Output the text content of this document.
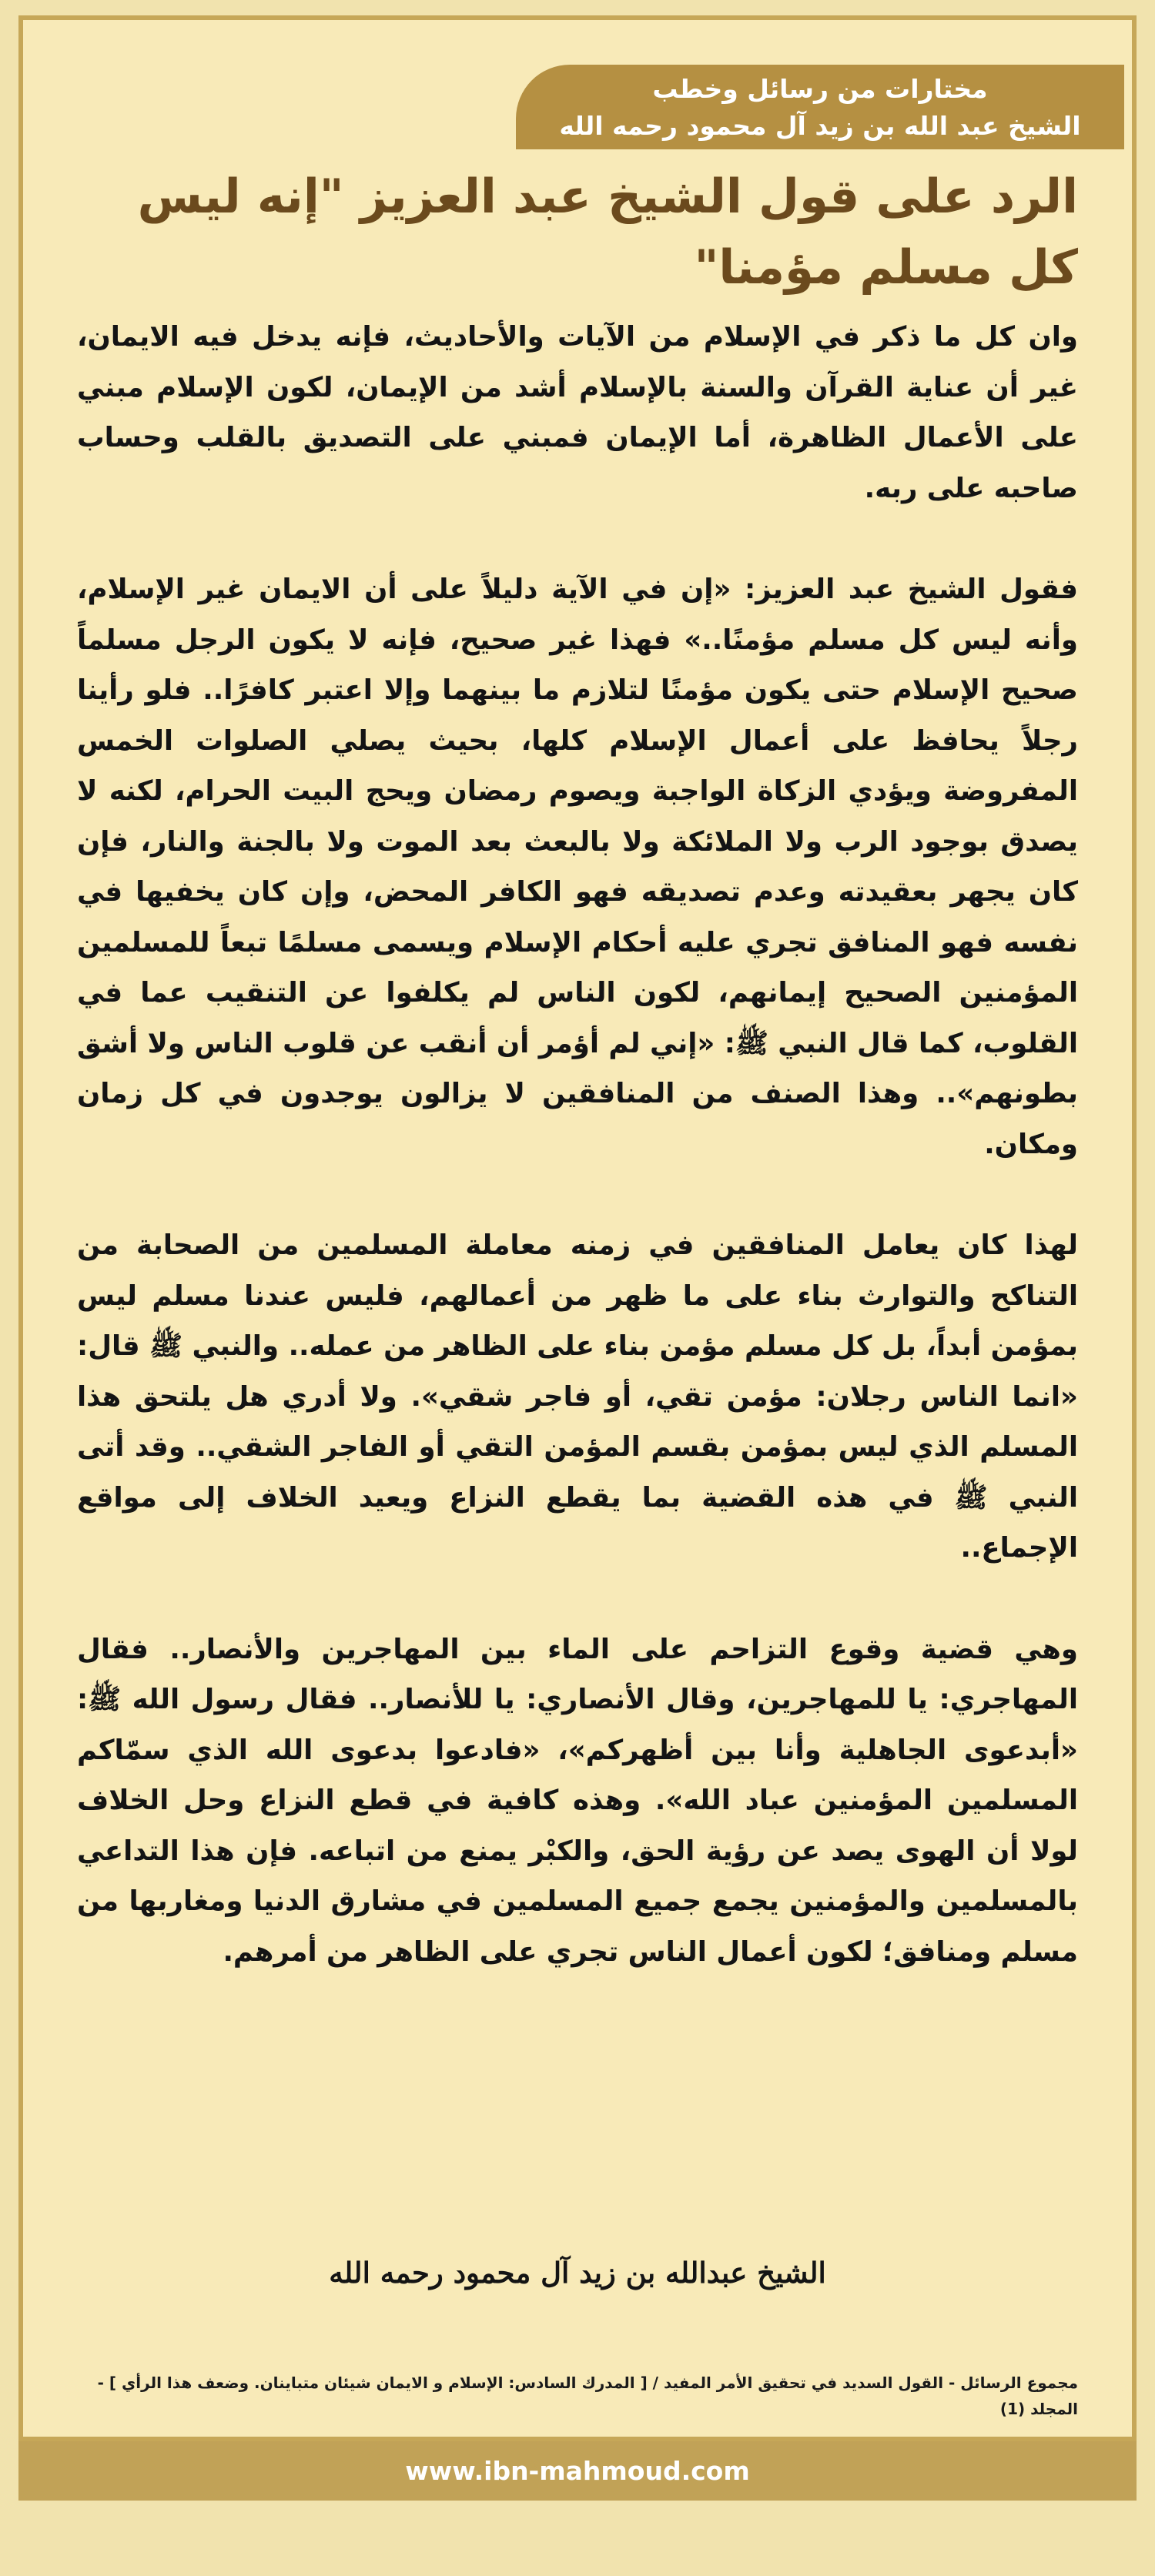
مختارات من رسائل وخطب
الشيخ عبد الله بن زيد آل محمود رحمه الله
الرد على قول الشيخ عبد العزيز "إنه ليس كل مسلم مؤمنا"

وان كل ما ذكر في الإسلام من الآيات والأحاديث، فإنه يدخل فيه الايمان، غير أن عناية القرآن والسنة بالإسلام أشد من الإيمان، لكون الإسلام مبني على الأعمال الظاهرة، أما الإيمان فمبني على التصديق بالقلب وحساب صاحبه على ربه.

فقول الشيخ عبد العزيز: «إن في الآية دليلاً على أن الايمان غير الإسلام، وأنه ليس كل مسلم مؤمنًا..» فهذا غير صحيح، فإنه لا يكون الرجل مسلماً صحيح الإسلام حتى يكون مؤمنًا لتلازم ما بينهما وإلا اعتبر كافرًا.. فلو رأينا رجلاً يحافظ على أعمال الإسلام كلها، بحيث يصلي الصلوات الخمس المفروضة ويؤدي الزكاة الواجبة ويصوم رمضان ويحج البيت الحرام، لكنه لا يصدق بوجود الرب ولا الملائكة ولا بالبعث بعد الموت ولا بالجنة والنار، فإن كان يجهر بعقيدته وعدم تصديقه فهو الكافر المحض، وإن كان يخفيها في نفسه فهو المنافق تجري عليه أحكام الإسلام ويسمى مسلمًا تبعاً للمسلمين المؤمنين الصحيح إيمانهم، لكون الناس لم يكلفوا عن التنقيب عما في القلوب، كما قال النبي ﷺ: «إني لم أؤمر أن أنقب عن قلوب الناس ولا أشق بطونهم».. وهذا الصنف من المنافقين لا يزالون يوجدون في كل زمان ومكان.

لهذا كان يعامل المنافقين في زمنه معاملة المسلمين من الصحابة من التناكح والتوارث بناء على ما ظهر من أعمالهم، فليس عندنا مسلم ليس بمؤمن أبداً، بل كل مسلم مؤمن بناء على الظاهر من عمله.. والنبي ﷺ قال: «انما الناس رجلان: مؤمن تقي، أو فاجر شقي». ولا أدري هل يلتحق هذا المسلم الذي ليس بمؤمن بقسم المؤمن التقي أو الفاجر الشقي.. وقد أتى النبي ﷺ في هذه القضية بما يقطع النزاع ويعيد الخلاف إلى مواقع الإجماع..

وهي قضية وقوع التزاحم على الماء بين المهاجرين والأنصار.. فقال المهاجري: يا للمهاجرين، وقال الأنصاري: يا للأنصار.. فقال رسول الله ﷺ: «أبدعوى الجاهلية وأنا بين أظهركم»، «فادعوا بدعوى الله الذي سمّاكم المسلمين المؤمنين عباد الله». وهذه كافية في قطع النزاع وحل الخلاف لولا أن الهوى يصد عن رؤية الحق، والكبْر يمنع من اتباعه. فإن هذا التداعي بالمسلمين والمؤمنين يجمع جميع المسلمين في مشارق الدنيا ومغاربها من مسلم ومنافق؛ لكون أعمال الناس تجري على الظاهر من أمرهم.

الشيخ عبدالله بن زيد آل محمود رحمه الله
مجموع الرسائل - القول السديد في تحقيق الأمر المفيد / [ المدرك السادس: الإسلام و الايمان شيئان متباينان. وضعف هذا الرأي ] - المجلد (1)
www.ibn-mahmoud.com
